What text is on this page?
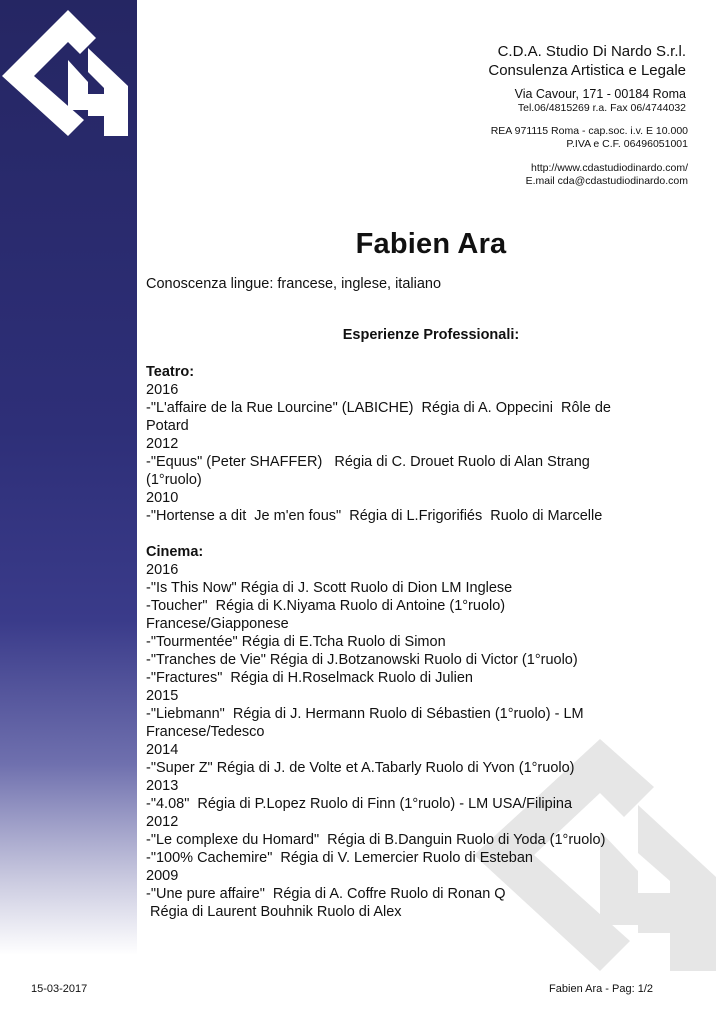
C.D.A. Studio Di Nardo S.r.l.
Consulenza Artistica e Legale
Via Cavour, 171 - 00184 Roma
Tel.06/4815269 r.a. Fax 06/4744032
REA 971115 Roma - cap.soc. i.v. E 10.000
P.IVA e C.F. 06496051001
http://www.cdastudiodinardo.com/
E.mail cda@cdastudiodinardo.com
Fabien Ara
Conoscenza lingue: francese, inglese, italiano
Esperienze Professionali:
Teatro:
2016
-"L'affaire de la Rue Lourcine" (LABICHE)  Régia di A. Oppecini  Rôle de Potard
2012
-"Equus" (Peter SHAFFER)   Régia di C. Drouet Ruolo di Alan Strang (1°ruolo)
2010
-"Hortense a dit  Je m'en fous"  Régia di L.Frigorifiés  Ruolo di Marcelle
Cinema:
2016
-"Is This Now" Régia di J. Scott Ruolo di Dion LM Inglese
-Toucher"  Régia di K.Niyama Ruolo di Antoine (1°ruolo) Francese/Giapponese
-"Tourmentée" Régia di E.Tcha Ruolo di Simon
-"Tranches de Vie" Régia di J.Botzanowski Ruolo di Victor (1°ruolo)
-"Fractures"  Régia di H.Roselmack Ruolo di Julien
2015
-"Liebmann"  Régia di J. Hermann Ruolo di Sébastien (1°ruolo) - LM Francese/Tedesco
2014
-"Super Z" Régia di J. de Volte et A.Tabarly Ruolo di Yvon (1°ruolo)
2013
-"4.08"  Régia di P.Lopez Ruolo di Finn (1°ruolo) - LM USA/Filipina
2012
-"Le complexe du Homard"  Régia di B.Danguin Ruolo di Yoda (1°ruolo)
-"100% Cachemire"  Régia di V. Lemercier Ruolo di Esteban
2009
-"Une pure affaire"  Régia di A. Coffre Ruolo di Ronan Q
Régia di Laurent Bouhnik Ruolo di Alex
15-03-2017	Fabien Ara - Pag: 1/2
